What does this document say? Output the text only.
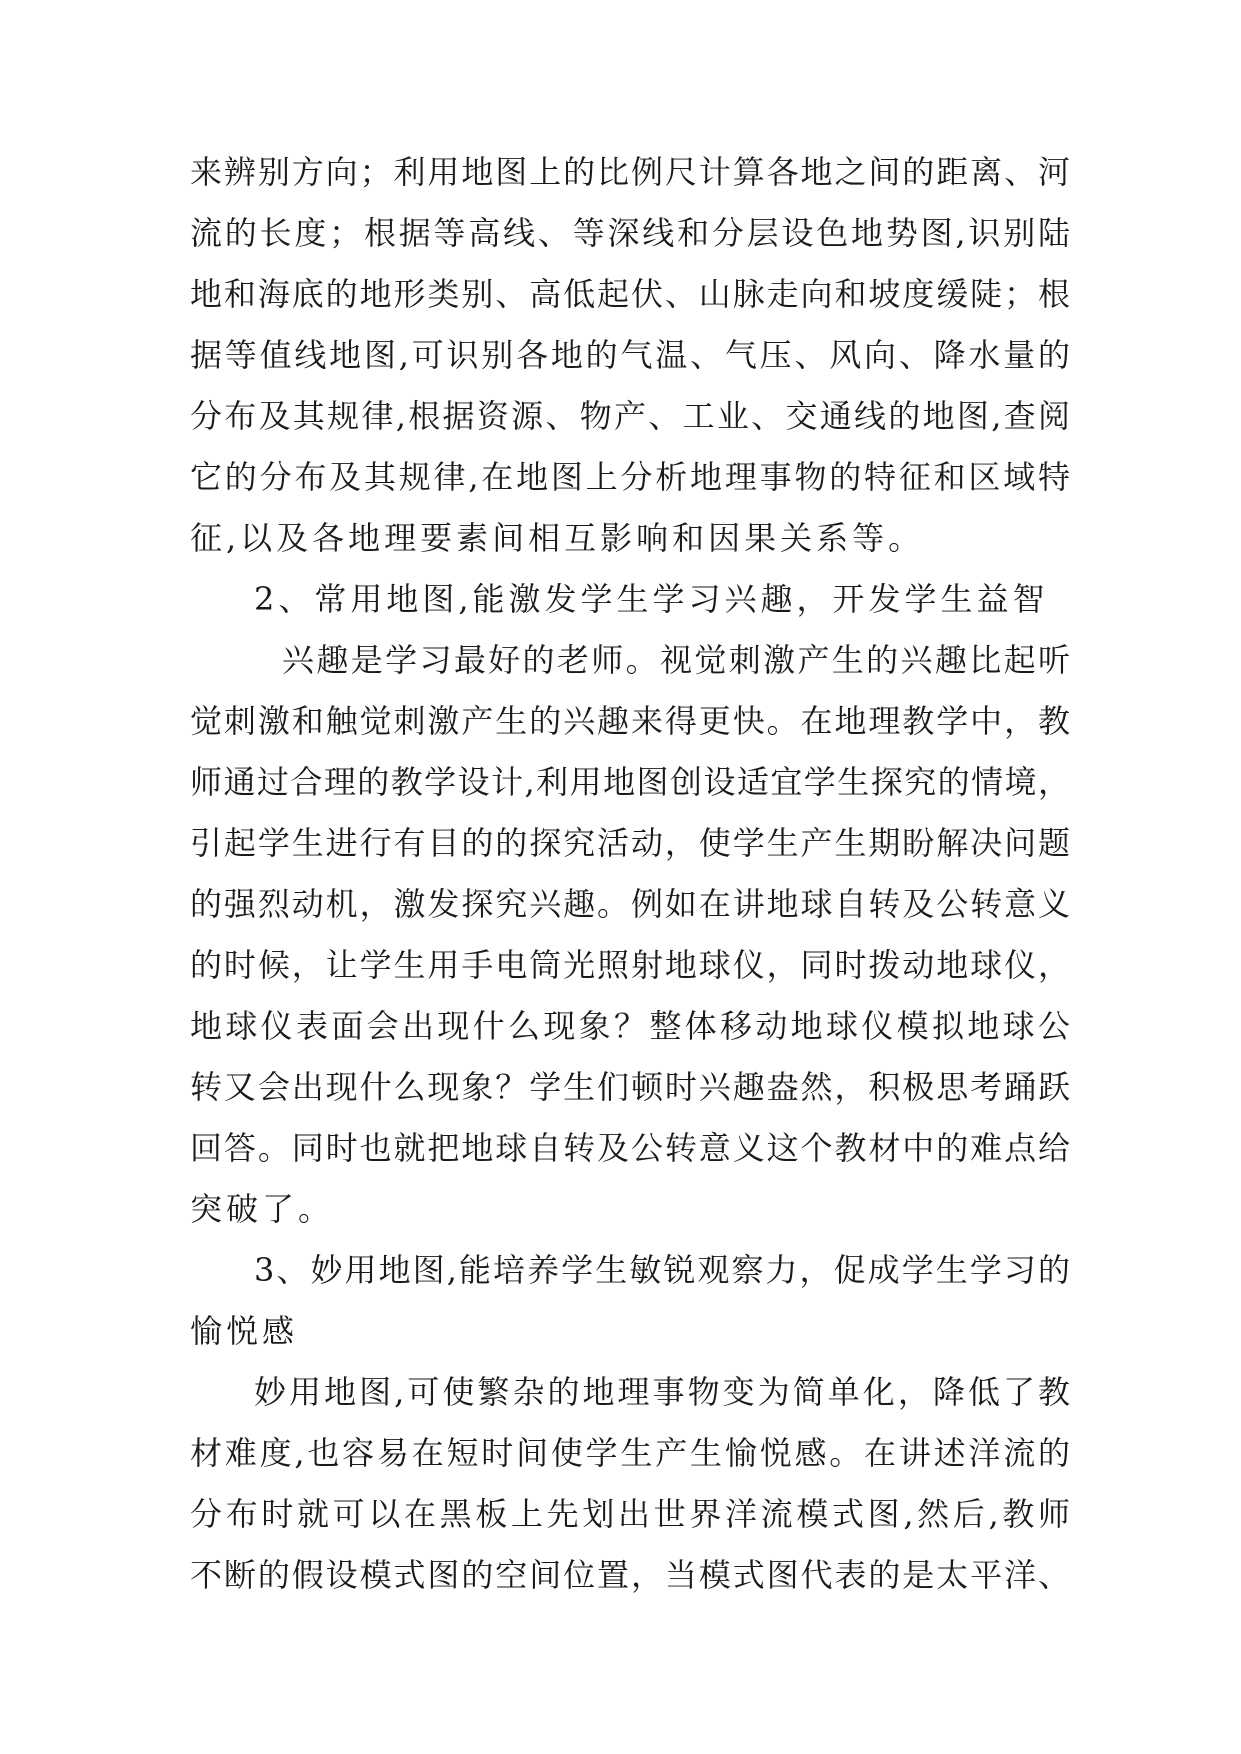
来辨别方向；利用地图上的比例尺计算各地之间的距离、河
流的长度；根据等高线、等深线和分层设色地势图,识别陆
地和海底的地形类别、高低起伏、山脉走向和坡度缓陡；根
据等值线地图,可识别各地的气温、气压、风向、降水量的
分布及其规律,根据资源、物产、工业、交通线的地图,查阅
它的分布及其规律,在地图上分析地理事物的特征和区域特
征,以及各地理要素间相互影响和因果关系等。
2、常用地图,能激发学生学习兴趣，开发学生益智
兴趣是学习最好的老师。视觉刺激产生的兴趣比起听
觉刺激和触觉刺激产生的兴趣来得更快。在地理教学中，教
师通过合理的教学设计,利用地图创设适宜学生探究的情境，
引起学生进行有目的的探究活动，使学生产生期盼解决问题
的强烈动机，激发探究兴趣。例如在讲地球自转及公转意义
的时候，让学生用手电筒光照射地球仪，同时拨动地球仪，
地球仪表面会出现什么现象？整体移动地球仪模拟地球公
转又会出现什么现象？学生们顿时兴趣盎然，积极思考踊跃
回答。同时也就把地球自转及公转意义这个教材中的难点给
突破了。
3、妙用地图,能培养学生敏锐观察力，促成学生学习的
愉悦感
妙用地图,可使繁杂的地理事物变为简单化，降低了教
材难度,也容易在短时间使学生产生愉悦感。在讲述洋流的
分布时就可以在黑板上先划出世界洋流模式图,然后,教师
不断的假设模式图的空间位置，当模式图代表的是太平洋、
